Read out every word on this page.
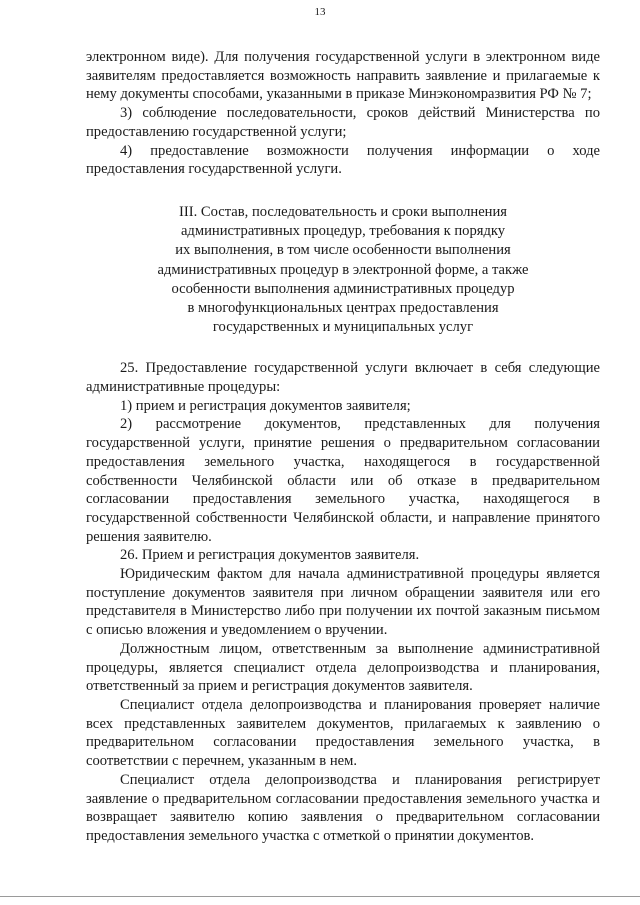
13

электронном виде). Для получения государственной услуги в электронном виде заявителям предоставляется возможность направить заявление и прилагаемые к нему документы способами, указанными в приказе Минэкономразвития РФ № 7;

3) соблюдение последовательности, сроков действий Министерства по предоставлению государственной услуги;

4) предоставление возможности получения информации о ходе предоставления государственной услуги.

III. Состав, последовательность и сроки выполнения
административных процедур, требования к порядку
их выполнения, в том числе особенности выполнения
административных процедур в электронной форме, а также
особенности выполнения административных процедур
в многофункциональных центрах предоставления
государственных и муниципальных услуг

25. Предоставление государственной услуги включает в себя следующие административные процедуры:

1) прием и регистрация документов заявителя;

2) рассмотрение документов, представленных для получения государственной услуги, принятие решения о предварительном согласовании предоставления земельного участка, находящегося в государственной собственности Челябинской области или об отказе в предварительном согласовании предоставления земельного участка, находящегося в государственной собственности Челябинской области, и направление принятого решения заявителю.

26. Прием и регистрация документов заявителя.

Юридическим фактом для начала административной процедуры является поступление документов заявителя при личном обращении заявителя или его представителя в Министерство либо при получении их почтой заказным письмом с описью вложения и уведомлением о вручении.

Должностным лицом, ответственным за выполнение административной процедуры, является специалист отдела делопроизводства и планирования, ответственный за прием и регистрация документов заявителя.

Специалист отдела делопроизводства и планирования проверяет наличие всех представленных заявителем документов, прилагаемых к заявлению о предварительном согласовании предоставления земельного участка, в соответствии с перечнем, указанным в нем.

Специалист отдела делопроизводства и планирования регистрирует заявление о предварительном согласовании предоставления земельного участка и возвращает заявителю копию заявления о предварительном согласовании предоставления земельного участка с отметкой о принятии документов.
